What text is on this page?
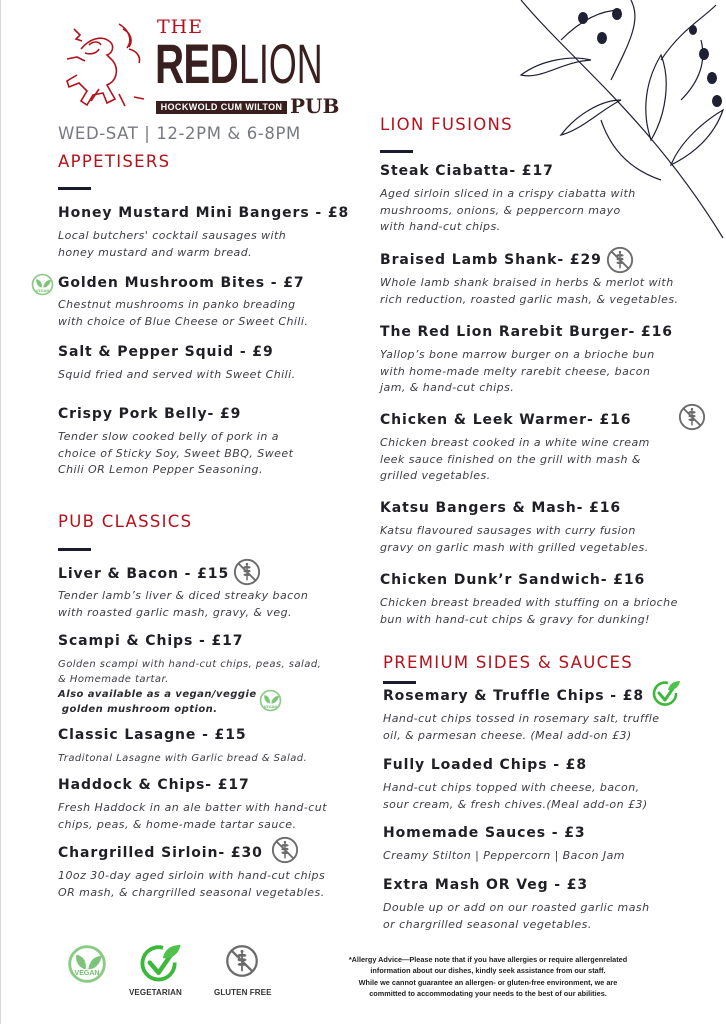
THE
RED LION
HOCKWOLD CUM WILTON PUB
WED-SAT | 12-2PM & 6-8PM
APPETISERS
Honey Mustard Mini Bangers - £8
Local butchers' cocktail sausages with
honey mustard and warm bread.
Golden Mushroom Bites - £7
Chestnut mushrooms in panko breading
with choice of Blue Cheese or Sweet Chili.
Salt & Pepper Squid - £9
Squid fried and served with Sweet Chili.
Crispy Pork Belly- £9
Tender slow cooked belly of pork in a
choice of Sticky Soy, Sweet BBQ, Sweet
Chili OR Lemon Pepper Seasoning.
PUB CLASSICS
Liver & Bacon - £15
Tender lamb’s liver & diced streaky bacon
with roasted garlic mash, gravy, & veg.
Scampi & Chips - £17
Golden scampi with hand-cut chips, peas, salad,
& Homemade tartar.
Also available as a vegan/veggie
golden mushroom option.
Classic Lasagne - £15
Traditonal Lasagne with Garlic bread & Salad.
Haddock & Chips- £17
Fresh Haddock in an ale batter with hand-cut
chips, peas, & home-made tartar sauce.
Chargrilled Sirloin- £30
10oz 30-day aged sirloin with hand-cut chips
OR mash, & chargrilled seasonal vegetables.
LION FUSIONS
Steak Ciabatta- £17
Aged sirloin sliced in a crispy ciabatta with
mushrooms, onions, & peppercorn mayo
with hand-cut chips.
Braised Lamb Shank- £29
Whole lamb shank braised in herbs & merlot with
rich reduction, roasted garlic mash, & vegetables.
The Red Lion Rarebit Burger- £16
Yallop’s bone marrow burger on a brioche bun
with home-made melty rarebit cheese, bacon
jam, & hand-cut chips.
Chicken & Leek Warmer- £16
Chicken breast cooked in a white wine cream
leek sauce finished on the grill with mash &
grilled vegetables.
Katsu Bangers & Mash- £16
Katsu flavoured sausages with curry fusion
gravy on garlic mash with grilled vegetables.
Chicken Dunk’r Sandwich- £16
Chicken breast breaded with stuffing on a brioche
bun with hand-cut chips & gravy for dunking!
PREMIUM SIDES & SAUCES
Rosemary & Truffle Chips - £8
Hand-cut chips tossed in rosemary salt, truffle
oil, & parmesan cheese. (Meal add-on £3)
Fully Loaded Chips - £8
Hand-cut chips topped with cheese, bacon,
sour cream, & fresh chives.(Meal add-on £3)
Homemade Sauces - £3
Creamy Stilton | Peppercorn | Bacon Jam
Extra Mash OR Veg - £3
Double up or add on our roasted garlic mash
or chargrilled seasonal vegetables.
VEGAN
VEGETARIAN	GLUTEN FREE
*Allergy Advice—Please note that if you have allergies or require allergenrelated
information about our dishes, kindly seek assistance from our staff.
While we cannot guarantee an allergen- or gluten-free environment, we are
committed to accommodating your needs to the best of our abilities.
